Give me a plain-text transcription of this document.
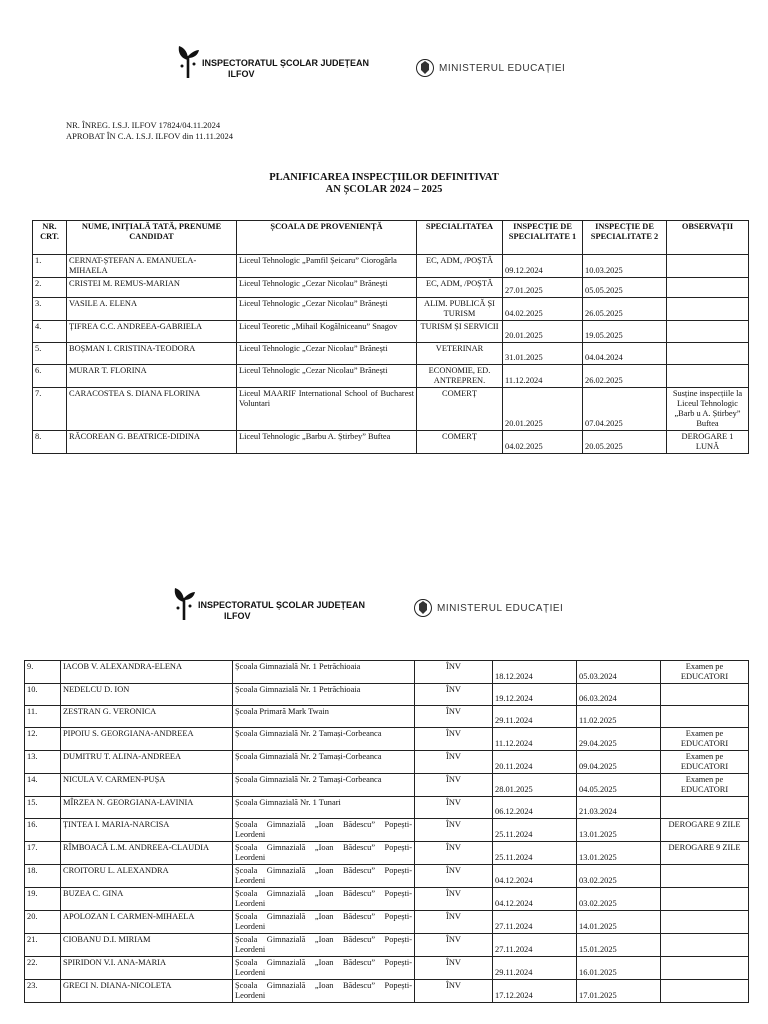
INSPECTORATUL ȘCOLAR JUDEȚEAN
ILFOV
MINISTERUL EDUCAȚIEI
NR. ÎNREG. I.S.J. ILFOV 17824/04.11.2024
APROBAT ÎN C.A. I.S.J. ILFOV din 11.11.2024
PLANIFICAREA INSPECȚIILOR DEFINITIVAT
AN ȘCOLAR 2024 – 2025
NR. CRT.	NUME, INIȚIALĂ TATĂ, PRENUME CANDIDAT	ȘCOALA DE PROVENIENȚĂ	SPECIALITATEA	INSPECȚIE DE SPECIALITATE 1	INSPECȚIE DE SPECIALITATE 2	OBSERVAȚII
1.	CERNAT-ȘTEFAN A. EMANUELA-MIHAELA	Liceul Tehnologic „Pamfil Șeicaru” Ciorogârla	EC, ADM, /POȘTĂ	09.12.2024	10.03.2025	
2.	CRISTEI M. REMUS-MARIAN	Liceul Tehnologic „Cezar Nicolau” Brănești	EC, ADM, /POȘTĂ	27.01.2025	05.05.2025	
3.	VASILE A. ELENA	Liceul Tehnologic „Cezar Nicolau” Brănești	ALIM. PUBLICĂ ȘI TURISM	04.02.2025	26.05.2025	
4.	ȚIFREA C.C. ANDREEA-GABRIELA	Liceul Teoretic „Mihail Kogălniceanu” Snagov	TURISM ȘI SERVICII	20.01.2025	19.05.2025	
5.	BOȘMAN I. CRISTINA-TEODORA	Liceul Tehnologic „Cezar Nicolau” Brănești	VETERINAR	31.01.2025	04.04.2024	
6.	MURAR T. FLORINA	Liceul Tehnologic „Cezar Nicolau” Brănești	ECONOMIE, ED. ANTREPREN.	11.12.2024	26.02.2025	
7.	CARACOSTEA S. DIANA FLORINA	Liceul MAARIF International School of Bucharest Voluntari	COMERȚ	20.01.2025	07.04.2025	Susține inspecțiile la Liceul Tehnologic „Barb u A. Știrbey” Buftea
8.	RĂCOREAN G. BEATRICE-DIDINA	Liceul Tehnologic „Barbu A. Știrbey” Buftea	COMERȚ	04.02.2025	20.05.2025	DEROGARE 1 LUNĂ
INSPECTORATUL ȘCOLAR JUDEȚEAN
ILFOV
MINISTERUL EDUCAȚIEI
9.	IACOB V. ALEXANDRA-ELENA	Școala Gimnazială Nr. 1 Petrăchioaia	ÎNV	18.12.2024	05.03.2024	Examen pe EDUCATORI
10.	NEDELCU D. ION	Școala Gimnazială Nr. 1 Petrăchioaia	ÎNV	19.12.2024	06.03.2024	
11.	ZESTRAN G. VERONICA	Școala Primară Mark Twain	ÎNV	29.11.2024	11.02.2025	
12.	PIPOIU S. GEORGIANA-ANDREEA	Școala Gimnazială Nr. 2 Tamași-Corbeanca	ÎNV	11.12.2024	29.04.2025	Examen pe EDUCATORI
13.	DUMITRU T. ALINA-ANDREEA	Școala Gimnazială Nr. 2 Tamași-Corbeanca	ÎNV	20.11.2024	09.04.2025	Examen pe EDUCATORI
14.	NICULA V. CARMEN-PUȘA	Școala Gimnazială Nr. 2 Tamași-Corbeanca	ÎNV	28.01.2025	04.05.2025	Examen pe EDUCATORI
15.	MÎRZEA N. GEORGIANA-LAVINIA	Școala Gimnazială Nr. 1 Tunari	ÎNV	06.12.2024	21.03.2024	
16.	ȚINTEA I. MARIA-NARCISA	Școala Gimnazială „Ioan Bădescu” Popești-Leordeni	ÎNV	25.11.2024	13.01.2025	DEROGARE 9 ZILE
17.	RÎMBOACĂ L.M. ANDREEA-CLAUDIA	Școala Gimnazială „Ioan Bădescu” Popești-Leordeni	ÎNV	25.11.2024	13.01.2025	DEROGARE 9 ZILE
18.	CROITORU L. ALEXANDRA	Școala Gimnazială „Ioan Bădescu” Popești-Leordeni	ÎNV	04.12.2024	03.02.2025	
19.	BUZEA C. GINA	Școala Gimnazială „Ioan Bădescu” Popești-Leordeni	ÎNV	04.12.2024	03.02.2025	
20.	APOLOZAN I. CARMEN-MIHAELA	Școala Gimnazială „Ioan Bădescu” Popești-Leordeni	ÎNV	27.11.2024	14.01.2025	
21.	CIOBANU D.I. MIRIAM	Școala Gimnazială „Ioan Bădescu” Popești-Leordeni	ÎNV	27.11.2024	15.01.2025	
22.	SPIRIDON V.I. ANA-MARIA	Școala Gimnazială „Ioan Bădescu” Popești-Leordeni	ÎNV	29.11.2024	16.01.2025	
23.	GRECI N. DIANA-NICOLETA	Școala Gimnazială „Ioan Bădescu” Popești-Leordeni	ÎNV	17.12.2024	17.01.2025	
